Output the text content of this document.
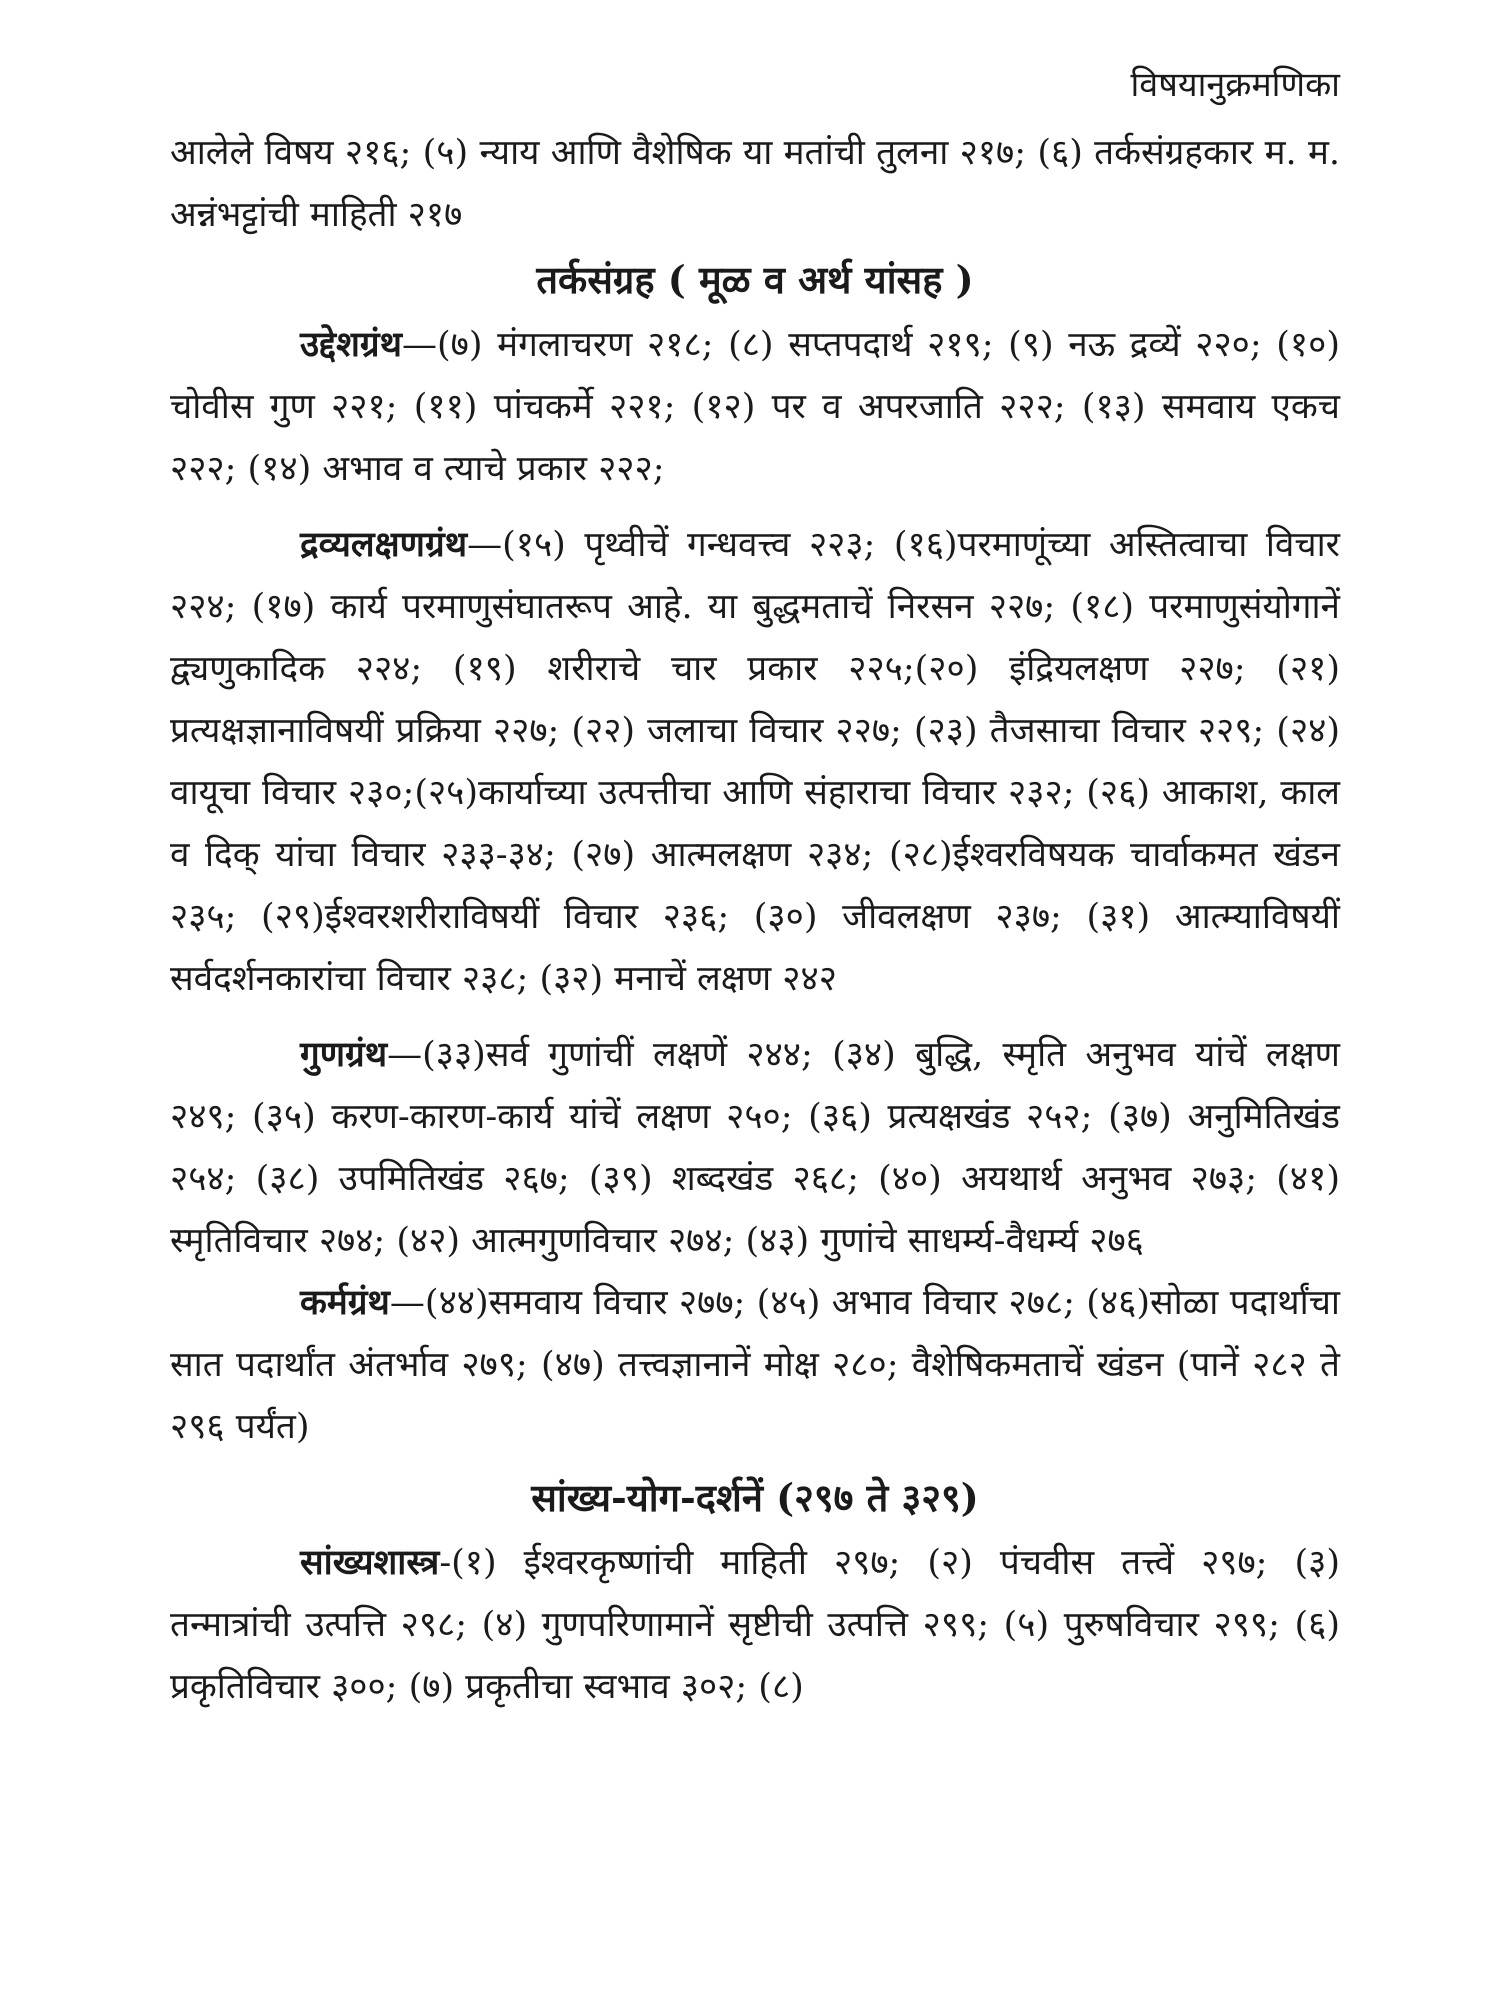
विषयानुक्रमणिका

आलेले विषय २१६; (५) न्याय आणि वैशेषिक या मतांची तुलना २१७; (६) तर्कसंग्रहकार म. म. अन्नंभट्टांची माहिती २१७

तर्कसंग्रह ( मूळ व अर्थ यांसह )

उद्देशग्रंथ—(७) मंगलाचरण २१८; (८) सप्तपदार्थ २१९; (९) नऊ द्रव्यें २२०; (१०) चोवीस गुण २२१; (११) पांचकर्मे २२१; (१२) पर व अपरजाति २२२; (१३) समवाय एकच २२२; (१४) अभाव व त्याचे प्रकार २२२;

द्रव्यलक्षणग्रंथ—(१५) पृथ्वीचें गन्धवत्त्व २२३; (१६)परमाणूंच्या अस्तित्वाचा विचार २२४; (१७) कार्य परमाणुसंघातरूप आहे. या बुद्धमताचें निरसन २२७; (१८) परमाणुसंयोगानें द्व्यणुकादिक २२४; (१९) शरीराचे चार प्रकार २२५;(२०) इंद्रियलक्षण २२७; (२१) प्रत्यक्षज्ञानाविषयीं प्रक्रिया २२७; (२२) जलाचा विचार २२७; (२३) तैजसाचा विचार २२९; (२४) वायूचा विचार २३०;(२५)कार्याच्या उत्पत्तीचा आणि संहाराचा विचार २३२; (२६) आकाश, काल व दिक् यांचा विचार २३३-३४; (२७) आत्मलक्षण २३४; (२८)ईश्वरविषयक चार्वाकमत खंडन २३५; (२९)ईश्वरशरीराविषयीं विचार २३६; (३०) जीवलक्षण २३७; (३१) आत्म्याविषयीं सर्वदर्शनकारांचा विचार २३८; (३२) मनाचें लक्षण २४२

गुणग्रंथ—(३३)सर्व गुणांचीं लक्षणें २४४; (३४) बुद्धि, स्मृति अनुभव यांचें लक्षण २४९; (३५) करण-कारण-कार्य यांचें लक्षण २५०; (३६) प्रत्यक्षखंड २५२; (३७) अनुमितिखंड २५४; (३८) उपमितिखंड २६७; (३९) शब्दखंड २६८; (४०) अयथार्थ अनुभव २७३; (४१) स्मृतिविचार २७४; (४२) आत्मगुणविचार २७४; (४३) गुणांचे साधर्म्य-वैधर्म्य २७६

कर्मग्रंथ—(४४)समवाय विचार २७७; (४५) अभाव विचार २७८; (४६)सोळा पदार्थांचा सात पदार्थांत अंतर्भाव २७९; (४७) तत्त्वज्ञानानें मोक्ष २८०; वैशेषिकमताचें खंडन (पानें २८२ ते २९६ पर्यंत)

सांख्य-योग-दर्शनें (२९७ ते ३२९)

सांख्यशास्त्र-(१) ईश्वरकृष्णांची माहिती २९७; (२) पंचवीस तत्त्वें २९७; (३) तन्मात्रांची उत्पत्ति २९८; (४) गुणपरिणामानें सृष्टीची उत्पत्ति २९९; (५) पुरुषविचार २९९; (६) प्रकृतिविचार ३००; (७) प्रकृतीचा स्वभाव ३०२; (८)
